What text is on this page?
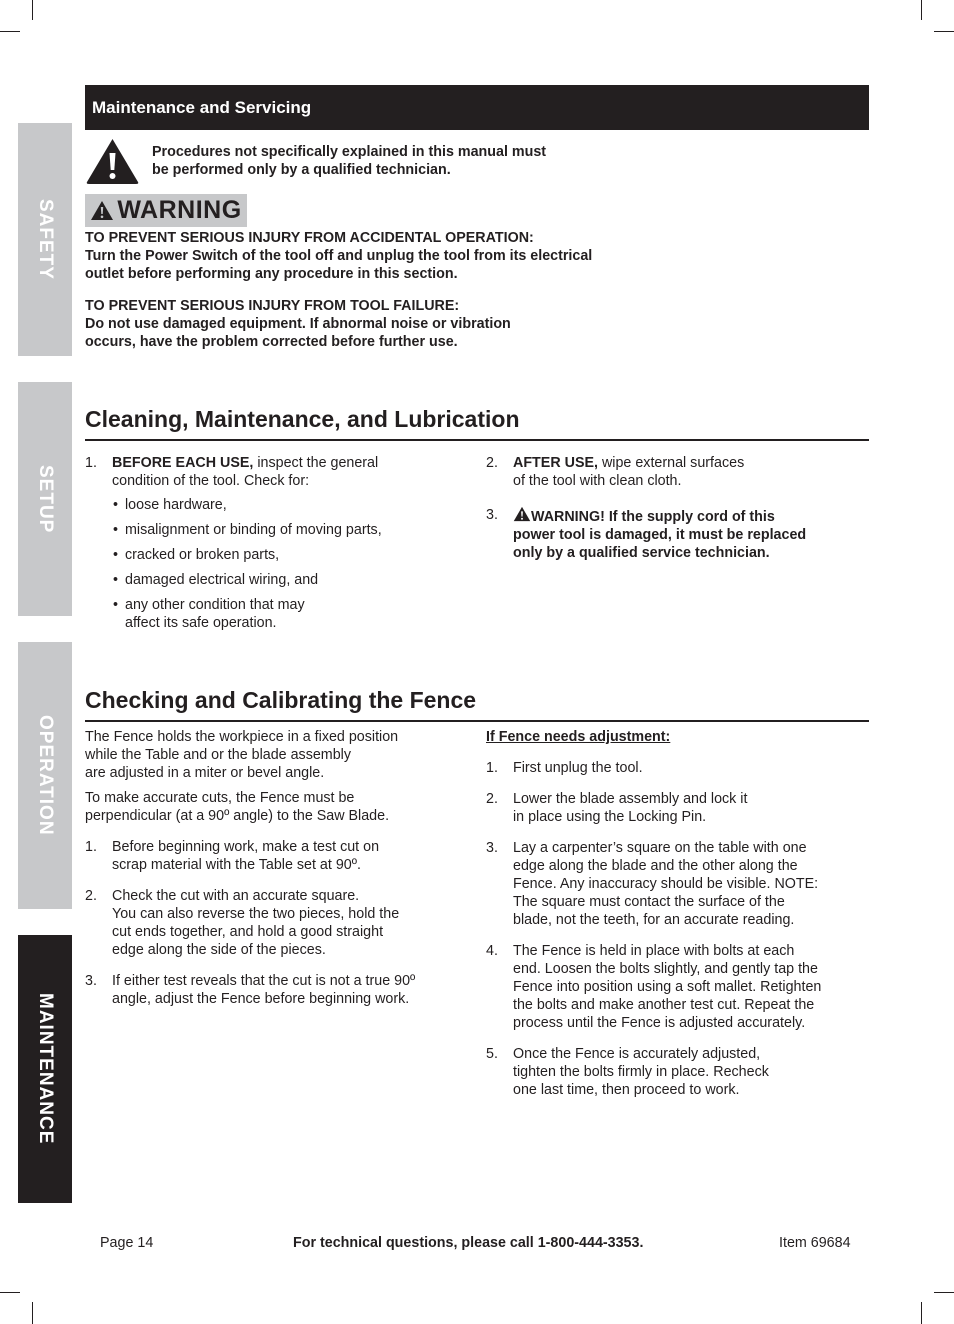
SAFETY
SETUP
OPERATION
MAINTENANCE
Maintenance and Servicing

Procedures not specifically explained in this manual must

be performed only by a qualified technician.

WARNING

TO PREVENT SERIOUS INJURY FROM ACCIDENTAL OPERATION:

Turn the Power Switch of the tool off and unplug the tool from its electrical

outlet before performing any procedure in this section.

TO PREVENT SERIOUS INJURY FROM TOOL FAILURE:

Do not use damaged equipment. If abnormal noise or vibration

occurs, have the problem corrected before further use.

Cleaning, Maintenance, and Lubrication
1. BEFORE EACH USE, inspect the general

condition of the tool. Check for:

• loose hardware,
• misalignment or binding of moving parts,
• cracked or broken parts,
• damaged electrical wiring, and

• any other condition that may

affect its safe operation.

2. AFTER USE, wipe external surfaces

of the tool with clean cloth.

3.	WARNING! If the supply cord of this

power tool is damaged, it must be replaced

only by a qualified service technician.

Checking and Calibrating the Fence

The Fence holds the workpiece in a fixed position

while the Table and or the blade assembly

are adjusted in a miter or bevel angle.

To make accurate cuts, the Fence must be

perpendicular (at a 90º angle) to the Saw Blade.

1. Before beginning work, make a test cut on

scrap material with the Table set at 90º.

2. Check the cut with an accurate square.

You can also reverse the two pieces, hold the

cut ends together, and hold a good straight

edge along the side of the pieces.

3. If either test reveals that the cut is not a true 90º

angle, adjust the Fence before beginning work.

If Fence needs adjustment:
1. First unplug the tool.

2. Lower the blade assembly and lock it

in place using the Locking Pin.

3. Lay a carpenter’s square on the table with one

edge along the blade and the other along the

Fence. Any inaccuracy should be visible. NOTE:

The square must contact the surface of the

blade, not the teeth, for an accurate reading.

4. The Fence is held in place with bolts at each

end. Loosen the bolts slightly, and gently tap the

Fence into position using a soft mallet. Retighten

the bolts and make another test cut. Repeat the

process until the Fence is adjusted accurately.

5. Once the Fence is accurately adjusted,

tighten the bolts firmly in place. Recheck

one last time, then proceed to work.

Page 14	For technical questions, please call 1-800-444-3353.	Item 69684
